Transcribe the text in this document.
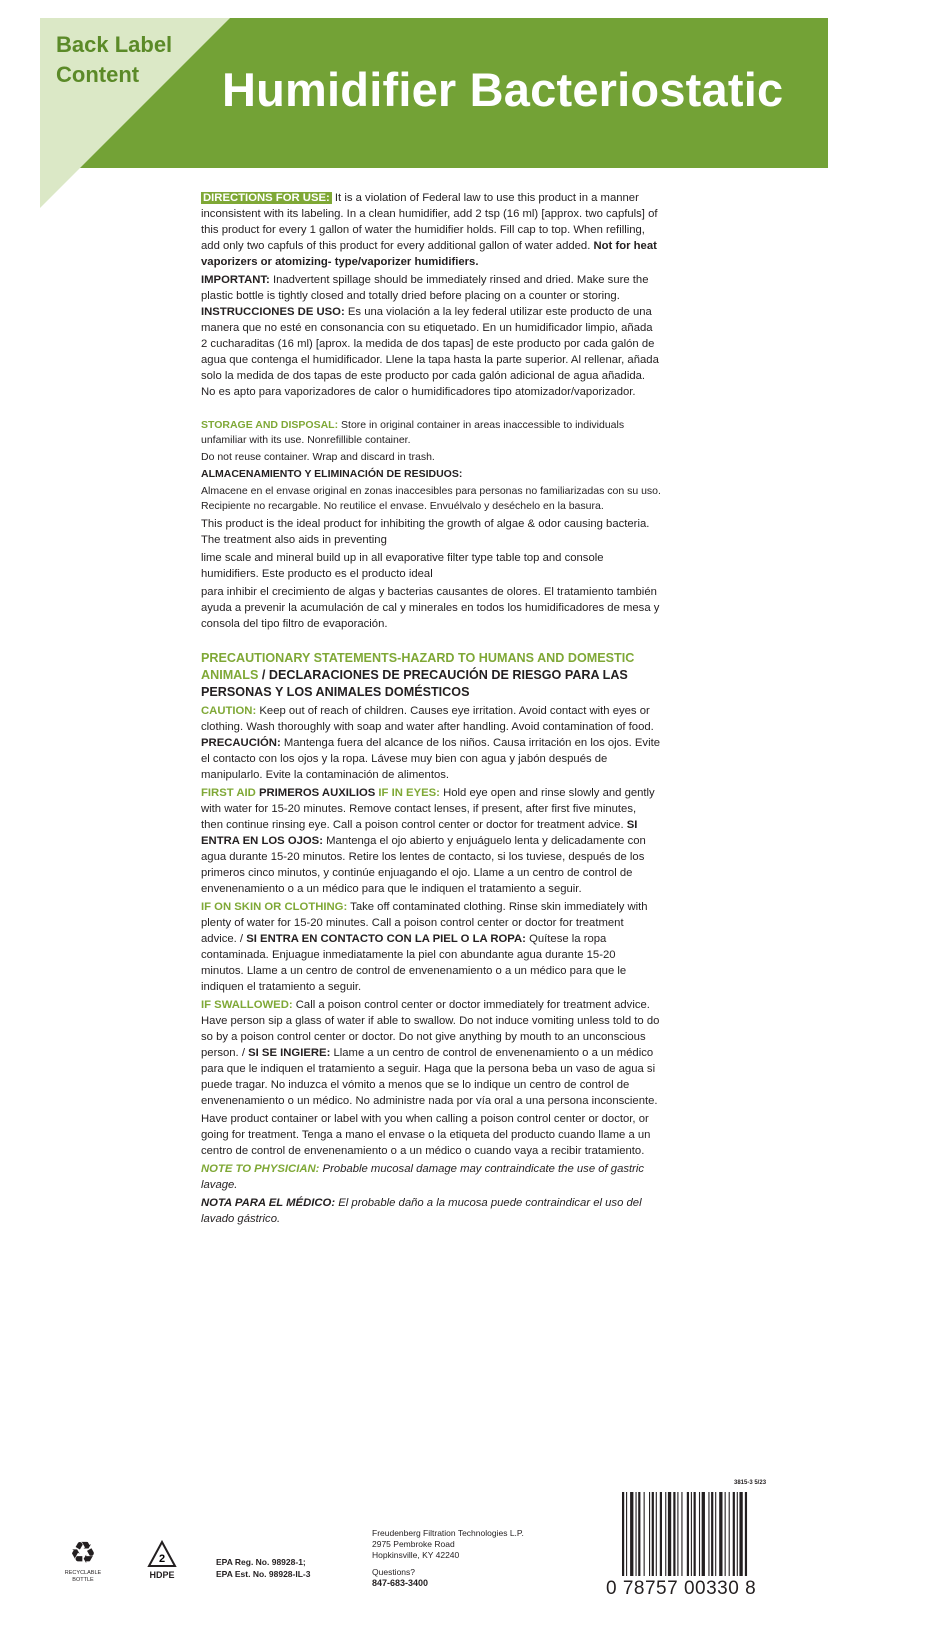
Back Label Content	Humidifier Bacteriostatic

DIRECTIONS FOR USE: It is a violation of Federal law to use this product in a manner inconsistent with its labeling. In a clean humidifier, add 2 tsp (16 ml) [approx. two capfuls] of this product for every 1 gallon of water the humidifier holds. Fill cap to top. When refilling, add only two capfuls of this product for every additional gallon of water added. Not for heat vaporizers or atomizing- type/vaporizer humidifiers.

IMPORTANT: Inadvertent spillage should be immediately rinsed and dried. Make sure the plastic bottle is tightly closed and totally dried before placing on a counter or storing. INSTRUCCIONES DE USO: Es una violación a la ley federal utilizar este producto de una manera que no esté en consonancia con su etiquetado. En un humidificador limpio, añada 2 cucharaditas (16 ml) [aprox. la medida de dos tapas] de este producto por cada galón de agua que contenga el humidificador. Llene la tapa hasta la parte superior. Al rellenar, añada solo la medida de dos tapas de este producto por cada galón adicional de agua añadida. No es apto para vaporizadores de calor o humidificadores tipo atomizador/vaporizador.

STORAGE AND DISPOSAL: Store in original container in areas inaccessible to individuals unfamiliar with its use. Nonrefillible container.

Do not reuse container. Wrap and discard in trash.

ALMACENAMIENTO Y ELIMINACIÓN DE RESIDUOS:

Almacene en el envase original en zonas inaccesibles para personas no familiarizadas con su uso. Recipiente no recargable. No reutilice el envase. Envuélvalo y deséchelo en la basura.

This product is the ideal product for inhibiting the growth of algae & odor causing bacteria. The treatment also aids in preventing

lime scale and mineral build up in all evaporative filter type table top and console humidifiers. Este producto es el producto ideal

para inhibir el crecimiento de algas y bacterias causantes de olores. El tratamiento también ayuda a prevenir la acumulación de cal y minerales en todos los humidificadores de mesa y consola del tipo filtro de evaporación.

PRECAUTIONARY STATEMENTS-HAZARD TO HUMANS AND DOMESTIC ANIMALS / DECLARACIONES DE PRECAUCIÓN DE RIESGO PARA LAS PERSONAS Y LOS ANIMALES DOMÉSTICOS

CAUTION: Keep out of reach of children. Causes eye irritation. Avoid contact with eyes or clothing. Wash thoroughly with soap and water after handling. Avoid contamination of food. PRECAUCIÓN: Mantenga fuera del alcance de los niños. Causa irritación en los ojos. Evite el contacto con los ojos y la ropa. Lávese muy bien con agua y jabón después de manipularlo. Evite la contaminación de alimentos.

FIRST AID PRIMEROS AUXILIOS IF IN EYES: Hold eye open and rinse slowly and gently with water for 15-20 minutes. Remove contact lenses, if present, after first five minutes, then continue rinsing eye. Call a poison control center or doctor for treatment advice. SI ENTRA EN LOS OJOS: Mantenga el ojo abierto y enjuáguelo lenta y delicadamente con agua durante 15-20 minutos. Retire los lentes de contacto, si los tuviese, después de los primeros cinco minutos, y continúe enjuagando el ojo. Llame a un centro de control de envenenamiento o a un médico para que le indiquen el tratamiento a seguir.

IF ON SKIN OR CLOTHING: Take off contaminated clothing. Rinse skin immediately with plenty of water for 15-20 minutes. Call a poison control center or doctor for treatment advice. / SI ENTRA EN CONTACTO CON LA PIEL O LA ROPA: Quítese la ropa contaminada. Enjuague inmediatamente la piel con abundante agua durante 15-20 minutos. Llame a un centro de control de envenenamiento o a un médico para que le indiquen el tratamiento a seguir.

IF SWALLOWED: Call a poison control center or doctor immediately for treatment advice. Have person sip a glass of water if able to swallow. Do not induce vomiting unless told to do so by a poison control center or doctor. Do not give anything by mouth to an unconscious person. / SI SE INGIERE: Llame a un centro de control de envenenamiento o a un médico para que le indiquen el tratamiento a seguir. Haga que la persona beba un vaso de agua si puede tragar. No induzca el vómito a menos que se lo indique un centro de control de envenenamiento o un médico. No administre nada por vía oral a una persona inconsciente.

Have product container or label with you when calling a poison control center or doctor, or going for treatment. Tenga a mano el envase o la etiqueta del producto cuando llame a un centro de control de envenenamiento o a un médico o cuando vaya a recibir tratamiento.

NOTE TO PHYSICIAN: Probable mucosal damage may contraindicate the use of gastric lavage.

NOTA PARA EL MÉDICO: El probable daño a la mucosa puede contraindicar el uso del lavado gástrico.

♻
RECYCLABLE BOTTLE
2
HDPE
EPA Reg. No. 98928-1;
EPA Est. No. 98928-IL-3
Freudenberg Filtration Technologies L.P.
2975 Pembroke Road
Hopkinsville, KY 42240
Questions?
847-683-3400
3815-3 5/23
0 78757 00330 8
